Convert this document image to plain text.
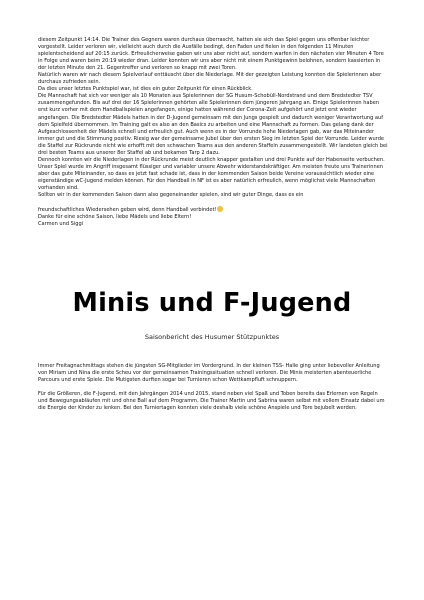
diesem Zeitpunkt 14:14. Die Trainer des Gegners waren durchaus überrascht, hatten sie sich das Spiel gegen uns offenbar leichter vorgestellt. Leider verloren wir, vielleicht auch durch die Ausfälle bedingt, den Faden und fielen in den folgenden 11 Minuten spielentscheidend auf 20:15 zurück. Erfreulicherweise gaben wir uns aber nicht auf, sondern warfen in den nächsten vier Minuten 4 Tore in Folge und waren beim 20:19 wieder dran. Leider konnten wir uns aber nicht mit einem Punktgewinn belohnen, sondern kassierten in der letzten Minute den 21. Gegentreffer und verloren so knapp mit zwei Toren.

Natürlich waren wir nach diesem Spielverlauf enttäuscht über die Niederlage. Mit der gezeigten Leistung konnten die Spielerinnen aber durchaus zufrieden sein.

Da dies unser letztes Punktspiel war, ist dies ein guter Zeitpunkt für einen Rückblick.

Die Mannschaft hat sich vor weniger als 10 Monaten aus Spielerinnen der SG Husum-Schobüll-Nordstrand und dem Bredstedter TSV zusammengefunden. Bis auf drei der 16 Spielerinnen gehörten alle Spielerinnen dem jüngeren Jahrgang an. Einige Spielerinnen haben erst kurz vorher mit dem Handballspielen angefangen, einige hatten während der Corona-Zeit aufgehört und jetzt erst wieder angefangen. Die Bredstedter Mädels hatten in der D-Jugend gemeinsam mit den Jungs gespielt und dadurch weniger Verantwortung auf dem Spielfeld übernommen. Im Training galt es also an den Basics zu arbeiten und eine Mannschaft zu formen. Das gelang dank der Aufgeschlossenheit der Mädels schnell und erfreulich gut. Auch wenn es in der Vorrunde hohe Niederlagen gab, war das Miteinander immer gut und die Stimmung positiv. Riesig war der gemeinsame Jubel über den ersten Sieg im letzten Spiel der Vorrunde. Leider wurde die Staffel zur Rückrunde nicht wie erhofft mit den schwachen Teams aus den anderen Staffeln zusammengestellt. Wir landeten gleich bei drei besten Teams aus unserer 8er Staffel ab und bekamen Tarp 2 dazu.

Dennoch konnten wir die Niederlagen in der Rückrunde meist deutlich knapper gestalten und drei Punkte auf der Habenseite verbuchen. Unser Spiel wurde im Angriff insgesamt flüssiger und variabler unsere Abwehr widerstandskräftiger. Am meisten freute uns Trainerinnen aber das gute Miteinander, so dass es jetzt fast schade ist, dass in der kommenden Saison beide Vereine voraussichtlich wieder eine eigenständige wC-Jugend melden können. Für den Handball in NF ist es aber natürlich erfreulich, wenn möglichst viele Mannschaften vorhanden sind.

Sollten wir in der kommenden Saison dann also gegeneinander spielen, sind wir guter Dinge, dass es ein

freundschaftliches Wiedersehen geben wird, denn Handball verbindet!

Danke für eine schöne Saison, liebe Mädels und liebe Eltern!

Carmen und Siggi

Minis und F-Jugend
Saisonbericht des Husumer Stützpunktes

Immer Freitagnachmittags stehen die jüngsten SG-Mitglieder im Vordergrund. In der kleinen TSS- Halle ging unter liebevoller Anleitung von Miriam und Nina die erste Scheu vor der gemeinsamen Trainingssituation schnell verloren. Die Minis meisterten abenteuerliche Parcours und erste Spiele. Die Mutigsten durften sogar bei Turnieren schon Wettkampfluft schnuppern.

Für die Größeren, die F-Jugend, mit den Jahrgängen 2014 und 2015, stand neben viel Spaß und Toben bereits das Erlernen von Regeln und Bewegungsabläufen mit und ohne Ball auf dem Programm. Die Trainer Martin und Sabrina waren selbst mit vollem Einsatz dabei um die Energie der Kinder zu lenken. Bei den Turniertagen konnten viele deshalb viele schöne Anspiele und Tore bejubelt werden.
